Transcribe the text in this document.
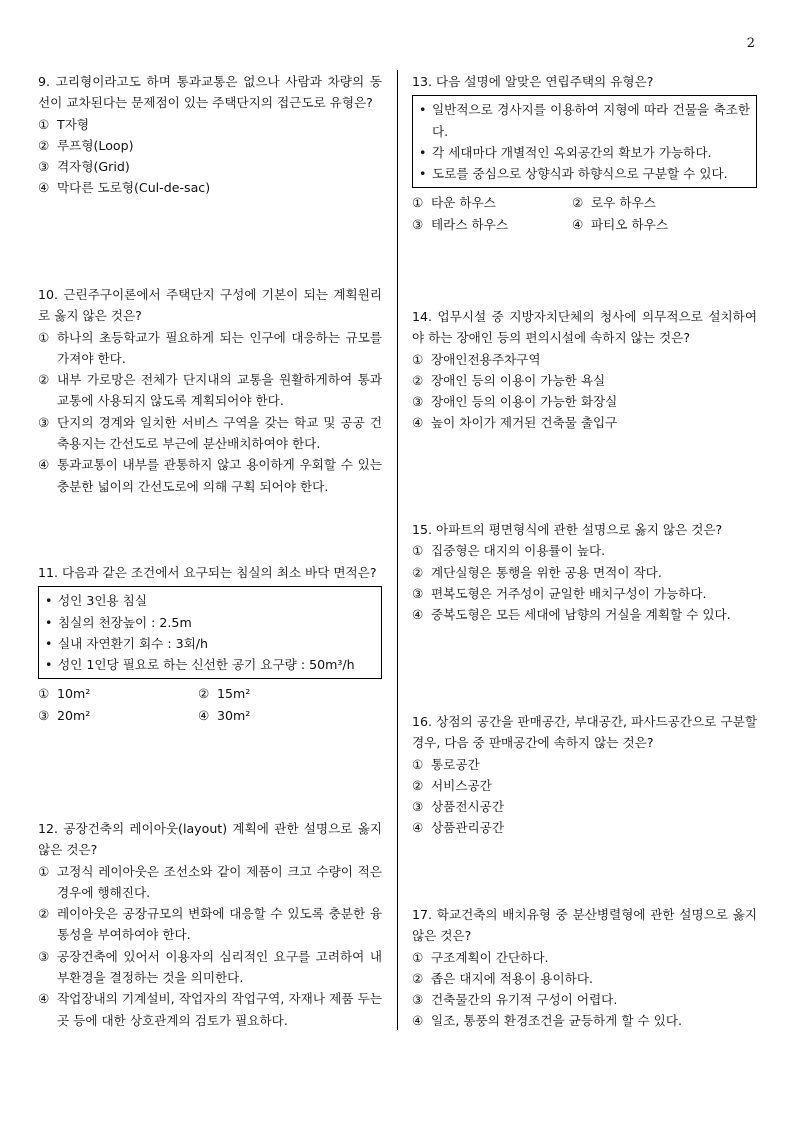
2
9. 고리형이라고도 하며 통과교통은 없으나 사람과 차량의 동선이 교차된다는 문제점이 있는 주택단지의 접근도로 유형은?
① T자형
② 루프형(Loop)
③ 격자형(Grid)
④ 막다른 도로형(Cul-de-sac)
10. 근린주구이론에서 주택단지 구성에 기본이 되는 계획원리로 옳지 않은 것은?
① 하나의 초등학교가 필요하게 되는 인구에 대응하는 규모를 가져야 한다.
② 내부 가로망은 전체가 단지내의 교통을 원활하게하여 통과교통에 사용되지 않도록 계획되어야 한다.
③ 단지의 경계와 일치한 서비스 구역을 갖는 학교 및 공공 건축용지는 간선도로 부근에 분산배치하여야 한다.
④ 통과교통이 내부를 관통하지 않고 용이하게 우회할 수 있는 충분한 넓이의 간선도로에 의해 구획 되어야 한다.
11. 다음과 같은 조건에서 요구되는 침실의 최소 바닥 면적은?
• 성인 3인용 침실
• 침실의 천장높이 : 2.5m
• 실내 자연환기 회수 : 3회/h
• 성인 1인당 필요로 하는 신선한 공기 요구량 : 50m³/h
① 10m²	② 15m²
③ 20m²	④ 30m²
12. 공장건축의 레이아웃(layout) 계획에 관한 설명으로 옳지 않은 것은?
① 고정식 레이아웃은 조선소와 같이 제품이 크고 수량이 적은 경우에 행해진다.
② 레이아웃은 공장규모의 변화에 대응할 수 있도록 충분한 융통성을 부여하여야 한다.
③ 공장건축에 있어서 이용자의 심리적인 요구를 고려하여 내부환경을 결정하는 것을 의미한다.
④ 작업장내의 기계설비, 작업자의 작업구역, 자재나 제품 두는 곳 등에 대한 상호관계의 검토가 필요하다.
13. 다음 설명에 알맞은 연립주택의 유형은?
• 일반적으로 경사지를 이용하여 지형에 따라 건물을 축조한다.
• 각 세대마다 개별적인 옥외공간의 확보가 가능하다.
• 도로를 중심으로 상향식과 하향식으로 구분할 수 있다.
① 타운 하우스	② 로우 하우스
③ 테라스 하우스	④ 파티오 하우스
14. 업무시설 중 지방자치단체의 청사에 의무적으로 설치하여야 하는 장애인 등의 편의시설에 속하지 않는 것은?
① 장애인전용주차구역
② 장애인 등의 이용이 가능한 욕실
③ 장애인 등의 이용이 가능한 화장실
④ 높이 차이가 제거된 건축물 출입구
15. 아파트의 평면형식에 관한 설명으로 옳지 않은 것은?
① 집중형은 대지의 이용률이 높다.
② 계단실형은 통행을 위한 공용 면적이 작다.
③ 편복도형은 거주성이 균일한 배치구성이 가능하다.
④ 중복도형은 모든 세대에 남향의 거실을 계획할 수 있다.
16. 상점의 공간을 판매공간, 부대공간, 파사드공간으로 구분할 경우, 다음 중 판매공간에 속하지 않는 것은?
① 통로공간
② 서비스공간
③ 상품전시공간
④ 상품관리공간
17. 학교건축의 배치유형 중 분산병렬형에 관한 설명으로 옳지 않은 것은?
① 구조계획이 간단하다.
② 좁은 대지에 적용이 용이하다.
③ 건축물간의 유기적 구성이 어렵다.
④ 일조, 통풍의 환경조건을 균등하게 할 수 있다.
